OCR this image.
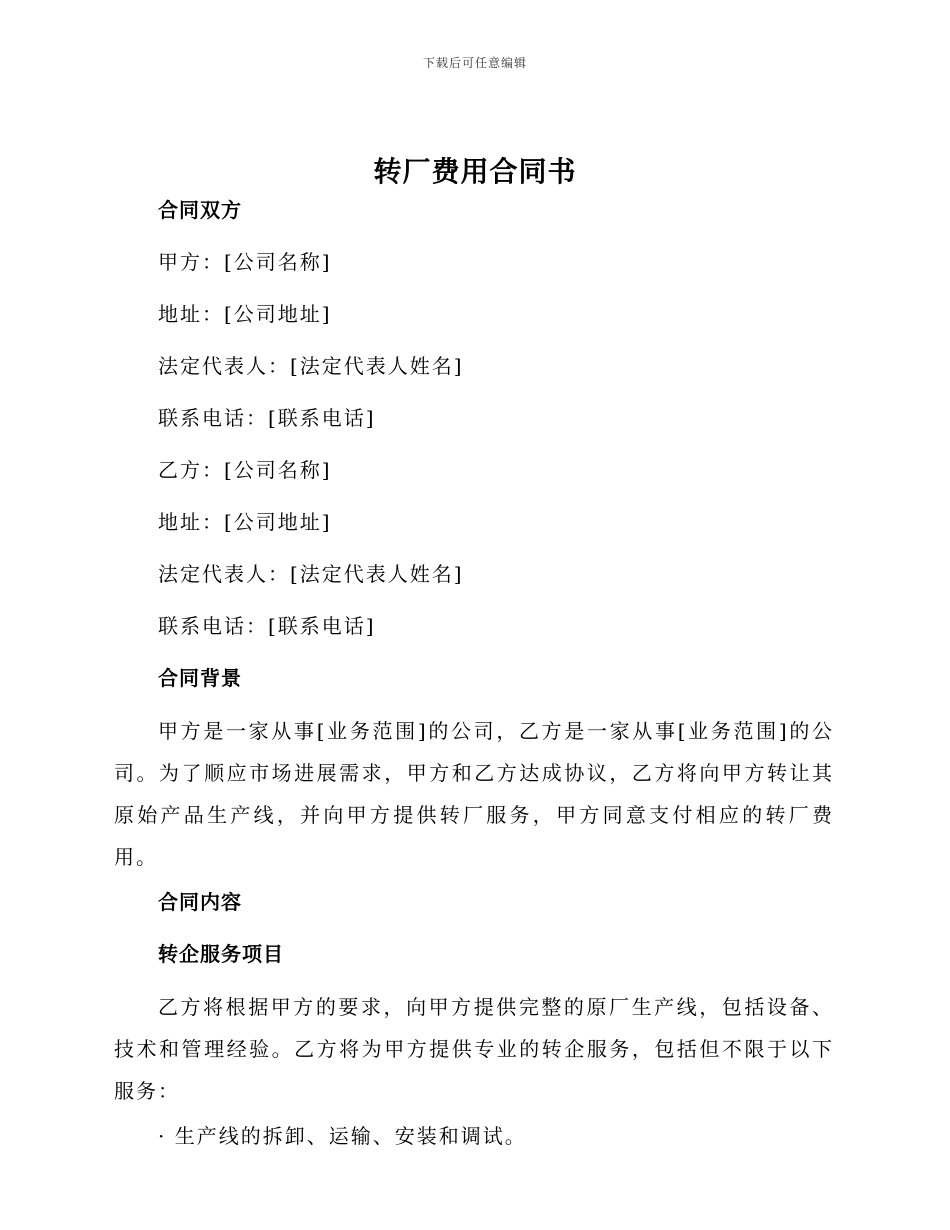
下载后可任意编辑
转厂费用合同书
合同双方
甲方：[公司名称]
地址：[公司地址]
法定代表人：[法定代表人姓名]
联系电话：[联系电话]
乙方：[公司名称]
地址：[公司地址]
法定代表人：[法定代表人姓名]
联系电话：[联系电话]
合同背景
甲方是一家从事[业务范围]的公司，乙方是一家从事[业务范围]的公司。为了顺应市场进展需求，甲方和乙方达成协议，乙方将向甲方转让其原始产品生产线，并向甲方提供转厂服务，甲方同意支付相应的转厂费用。
合同内容
转企服务项目
乙方将根据甲方的要求，向甲方提供完整的原厂生产线，包括设备、技术和管理经验。乙方将为甲方提供专业的转企服务，包括但不限于以下服务：
· 生产线的拆卸、运输、安装和调试。
